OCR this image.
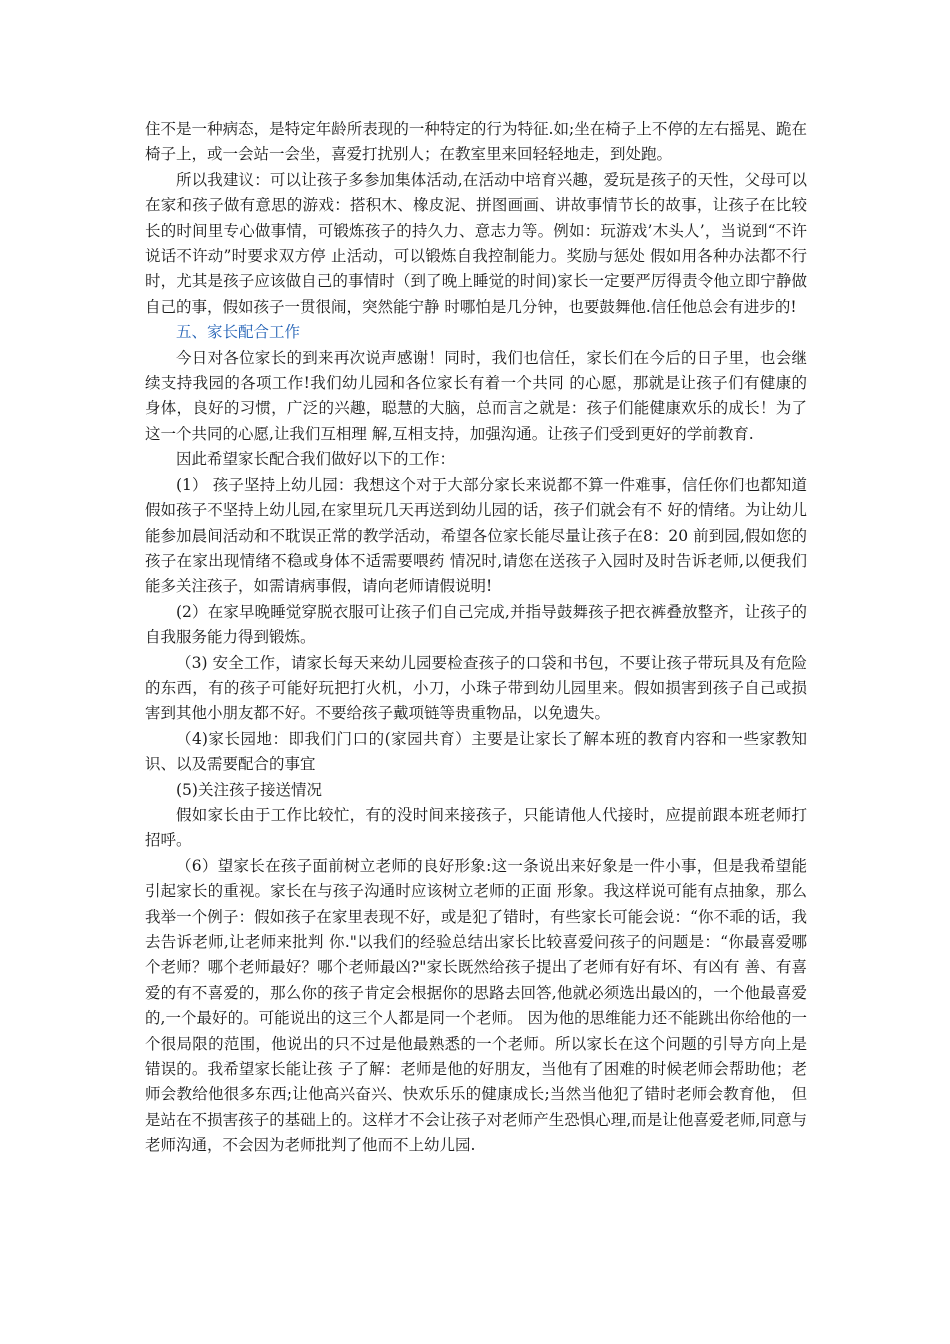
住不是一种病态，是特定年龄所表现的一种特定的行为特征.如;坐在椅子上不停的左右摇晃、跪在椅子上，或一会站一会坐，喜爱打扰别人；在教室里来回轻轻地走，到处跑。

所以我建议：可以让孩子多参加集体活动,在活动中培育兴趣，爱玩是孩子的天性，父母可以在家和孩子做有意思的游戏：搭积木、橡皮泥、拼图画画、讲故事情节长的故事，让孩子在比较长的时间里专心做事情，可锻炼孩子的持久力、意志力等。例如：玩游戏’木头人’，当说到“不许说话不许动”时要求双方停 止活动，可以锻炼自我控制能力。奖励与惩处 假如用各种办法都不行时，尤其是孩子应该做自己的事情时（到了晚上睡觉的时间)家长一定要严厉得责令他立即宁静做自己的事，假如孩子一贯很闹，突然能宁静 时哪怕是几分钟，也要鼓舞他.信任他总会有进步的!

五、家长配合工作

今日对各位家长的到来再次说声感谢！同时，我们也信任，家长们在今后的日子里，也会继续支持我园的各项工作!我们幼儿园和各位家长有着一个共同 的心愿，那就是让孩子们有健康的身体，良好的习惯，广泛的兴趣，聪慧的大脑，总而言之就是：孩子们能健康欢乐的成长！为了这一个共同的心愿,让我们互相理 解,互相支持，加强沟通。让孩子们受到更好的学前教育.

因此希望家长配合我们做好以下的工作：

(1） 孩子坚持上幼儿园：我想这个对于大部分家长来说都不算一件难事，信任你们也都知道假如孩子不坚持上幼儿园,在家里玩几天再送到幼儿园的话，孩子们就会有不 好的情绪。为让幼儿能参加晨间活动和不耽误正常的教学活动，希望各位家长能尽量让孩子在8：20 前到园,假如您的孩子在家出现情绪不稳或身体不适需要喂药 情况时,请您在送孩子入园时及时告诉老师,以便我们能多关注孩子，如需请病事假，请向老师请假说明!

(2）在家早晚睡觉穿脱衣服可让孩子们自己完成,并指导鼓舞孩子把衣裤叠放整齐，让孩子的自我服务能力得到锻炼。

（3) 安全工作，请家长每天来幼儿园要检查孩子的口袋和书包，不要让孩子带玩具及有危险的东西，有的孩子可能好玩把打火机，小刀，小珠子带到幼儿园里来。假如损害到孩子自己或损害到其他小朋友都不好。不要给孩子戴项链等贵重物品，以免遗失。

（4)家长园地：即我们门口的(家园共育）主要是让家长了解本班的教育内容和一些家教知识、以及需要配合的事宜

(5)关注孩子接送情况

假如家长由于工作比较忙，有的没时间来接孩子，只能请他人代接时，应提前跟本班老师打招呼。

（6）望家长在孩子面前树立老师的良好形象:这一条说出来好象是一件小事，但是我希望能引起家长的重视。家长在与孩子沟通时应该树立老师的正面 形象。我这样说可能有点抽象，那么我举一个例子：假如孩子在家里表现不好，或是犯了错时，有些家长可能会说：“你不乖的话，我去告诉老师,让老师来批判 你."以我们的经验总结出家长比较喜爱问孩子的问题是：“你最喜爱哪个老师？哪个老师最好？哪个老师最凶?"家长既然给孩子提出了老师有好有坏、有凶有 善、有喜爱的有不喜爱的，那么你的孩子肯定会根据你的思路去回答,他就必须选出最凶的，一个他最喜爱的,一个最好的。可能说出的这三个人都是同一个老师。 因为他的思维能力还不能跳出你给他的一个很局限的范围，他说出的只不过是他最熟悉的一个老师。所以家长在这个问题的引导方向上是错误的。我希望家长能让孩 子了解：老师是他的好朋友，当他有了困难的时候老师会帮助他；老师会教给他很多东西;让他高兴奋兴、快欢乐乐的健康成长;当然当他犯了错时老师会教育他， 但是站在不损害孩子的基础上的。这样才不会让孩子对老师产生恐惧心理,而是让他喜爱老师,同意与老师沟通，不会因为老师批判了他而不上幼儿园.
